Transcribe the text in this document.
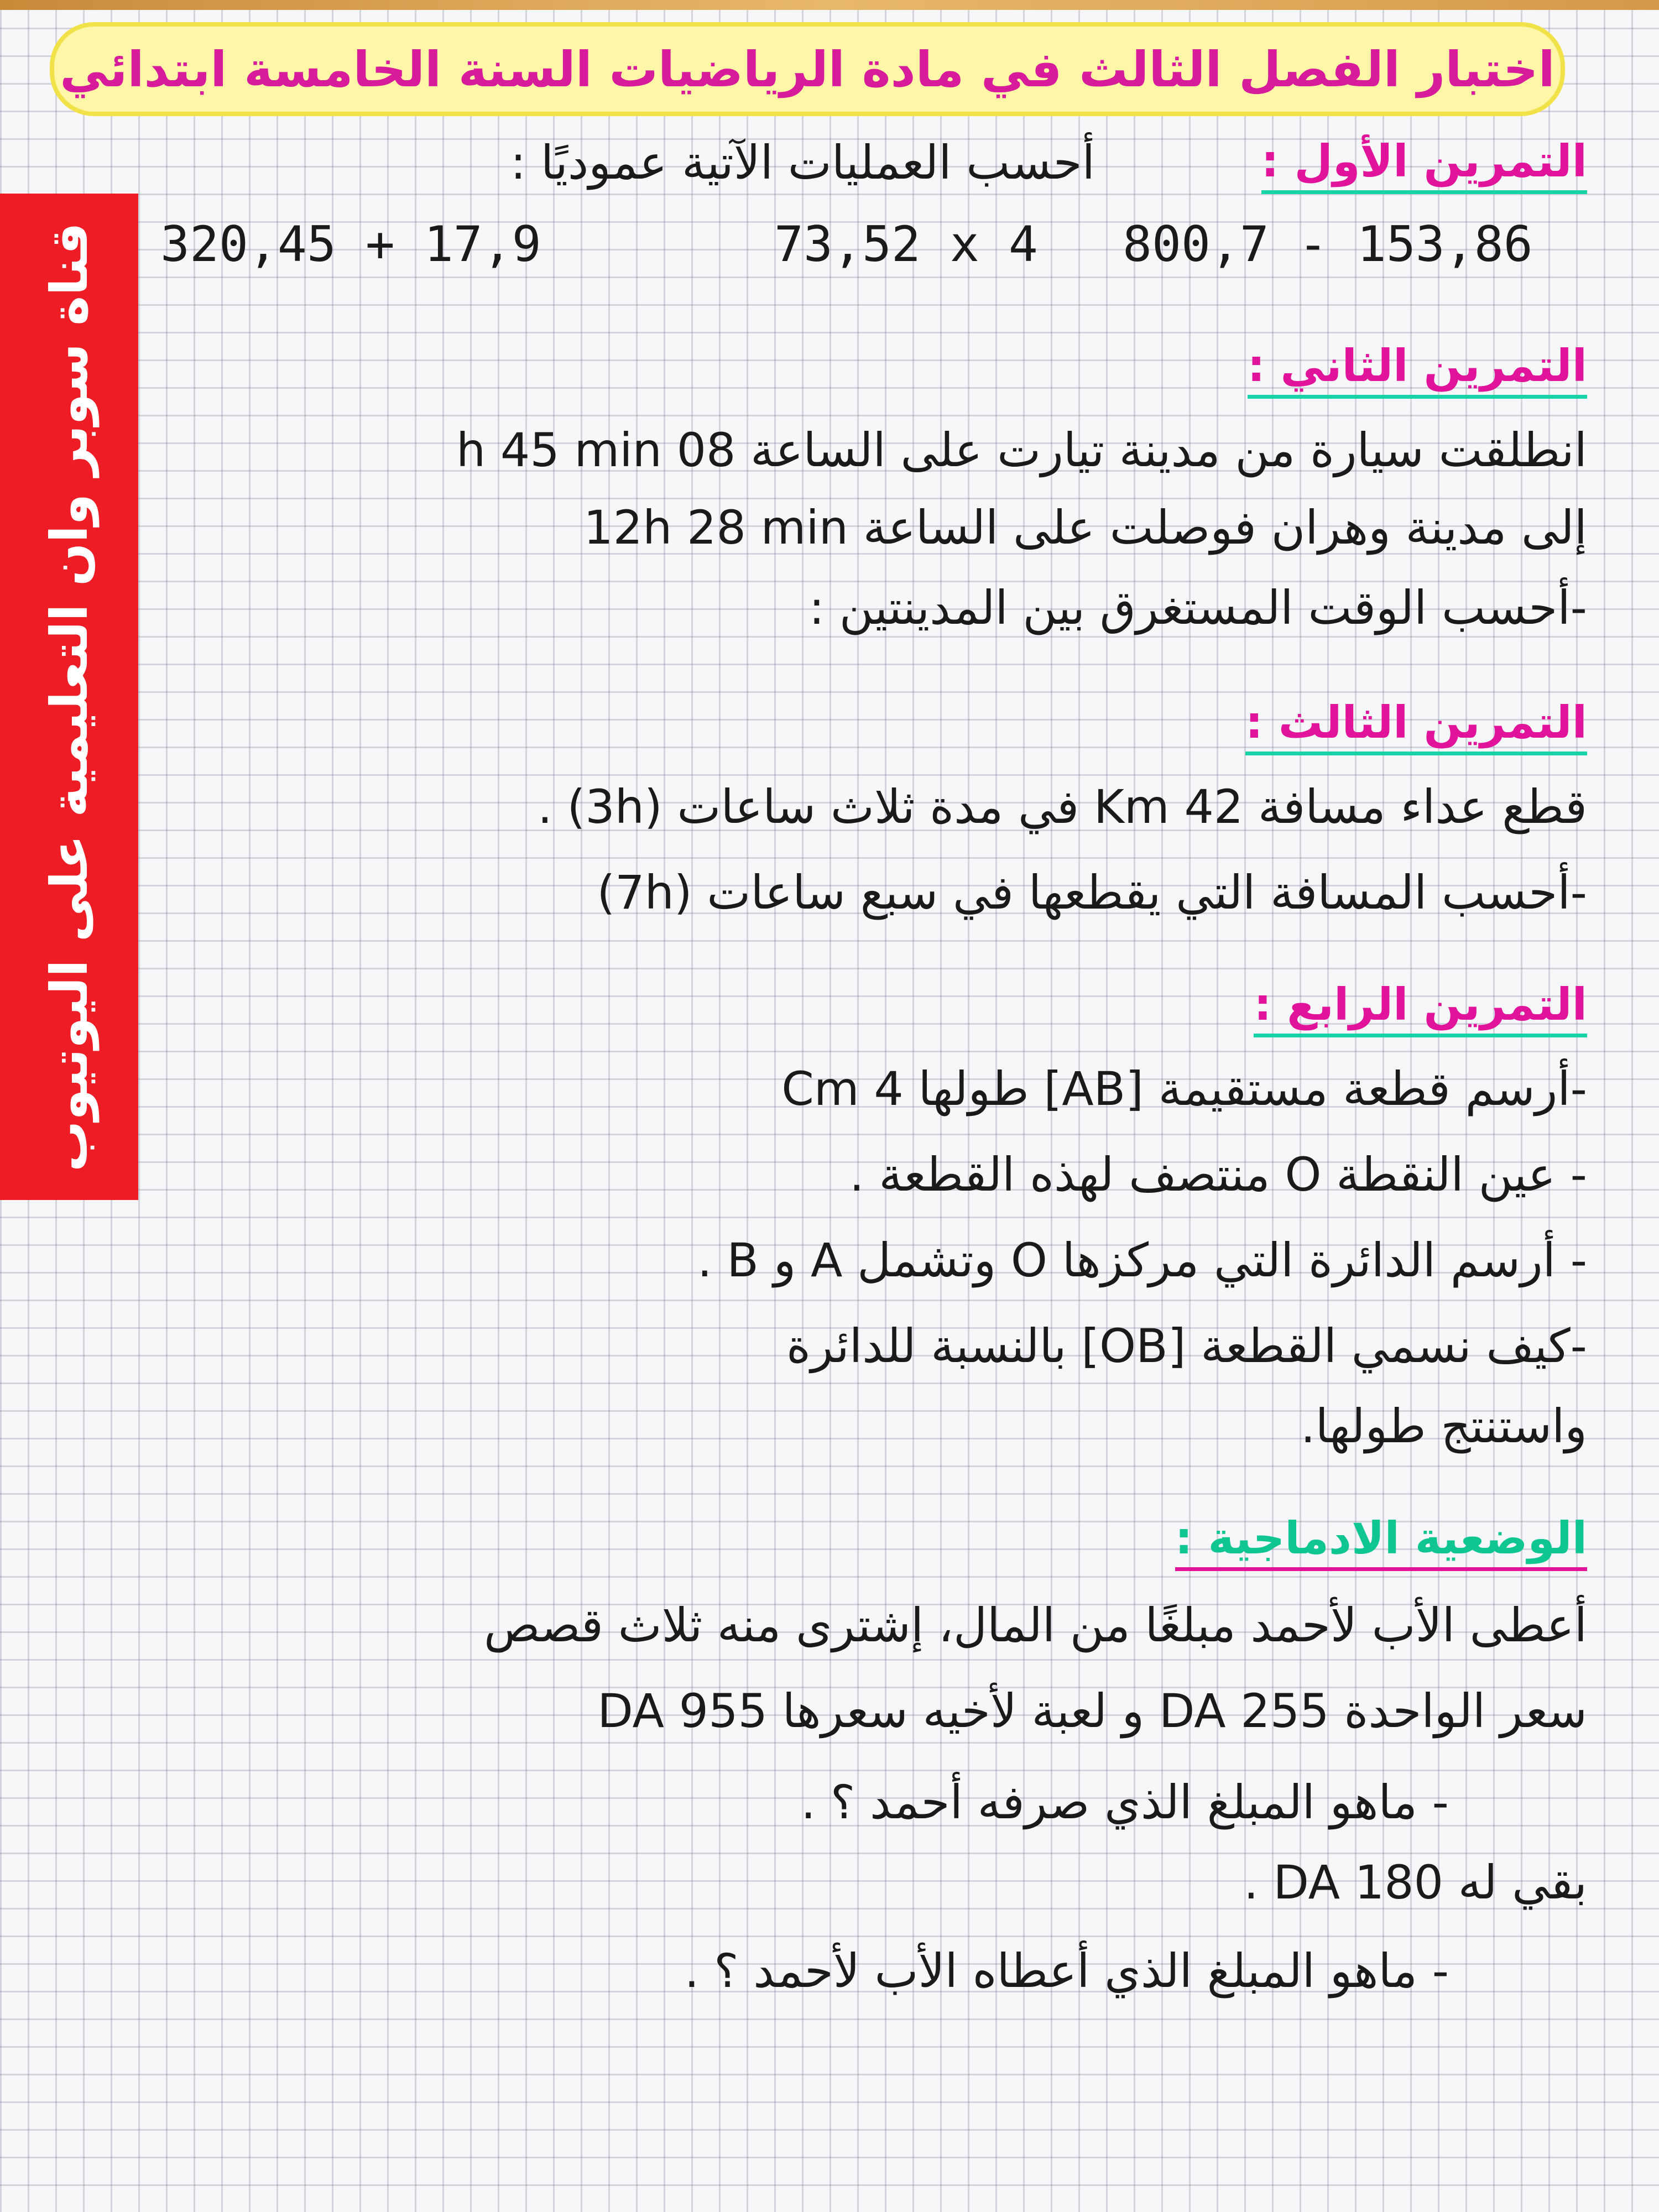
اختبار الفصل الثالث في مادة الرياضيات السنة الخامسة ابتدائي
قناة سوبر وان التعليمية على اليوتيوب
التمرين الأول :
أحسب العمليات الآتية عموديًا :
320,45 + 17,9	73,52 x 4 800,7 - 153,86
التمرين الثاني :
انطلقت سيارة من مدينة تيارت على الساعة 08 h 45 min
إلى مدينة وهران فوصلت على الساعة 12h 28 min
-أحسب الوقت المستغرق بين المدينتين :
التمرين الثالث :
قطع عداء مسافة 42 Km في مدة ثلاث ساعات (3h) .
-أحسب المسافة التي يقطعها في سبع ساعات (7h)
التمرين الرابع :
-أرسم قطعة مستقيمة [AB] طولها 4 Cm
- عين النقطة O منتصف لهذه القطعة .
- أرسم الدائرة التي مركزها O وتشمل A و B .
-كيف نسمي القطعة [OB] بالنسبة للدائرة
واستنتج طولها.
الوضعية الادماجية :
أعطى الأب لأحمد مبلغًا من المال، إشترى منه ثلاث قصص
سعر الواحدة 255 DA و لعبة لأخيه سعرها 955 DA
- ماهو المبلغ الذي صرفه أحمد ؟ .
بقي له 180 DA .
- ماهو المبلغ الذي أعطاه الأب لأحمد ؟ .
